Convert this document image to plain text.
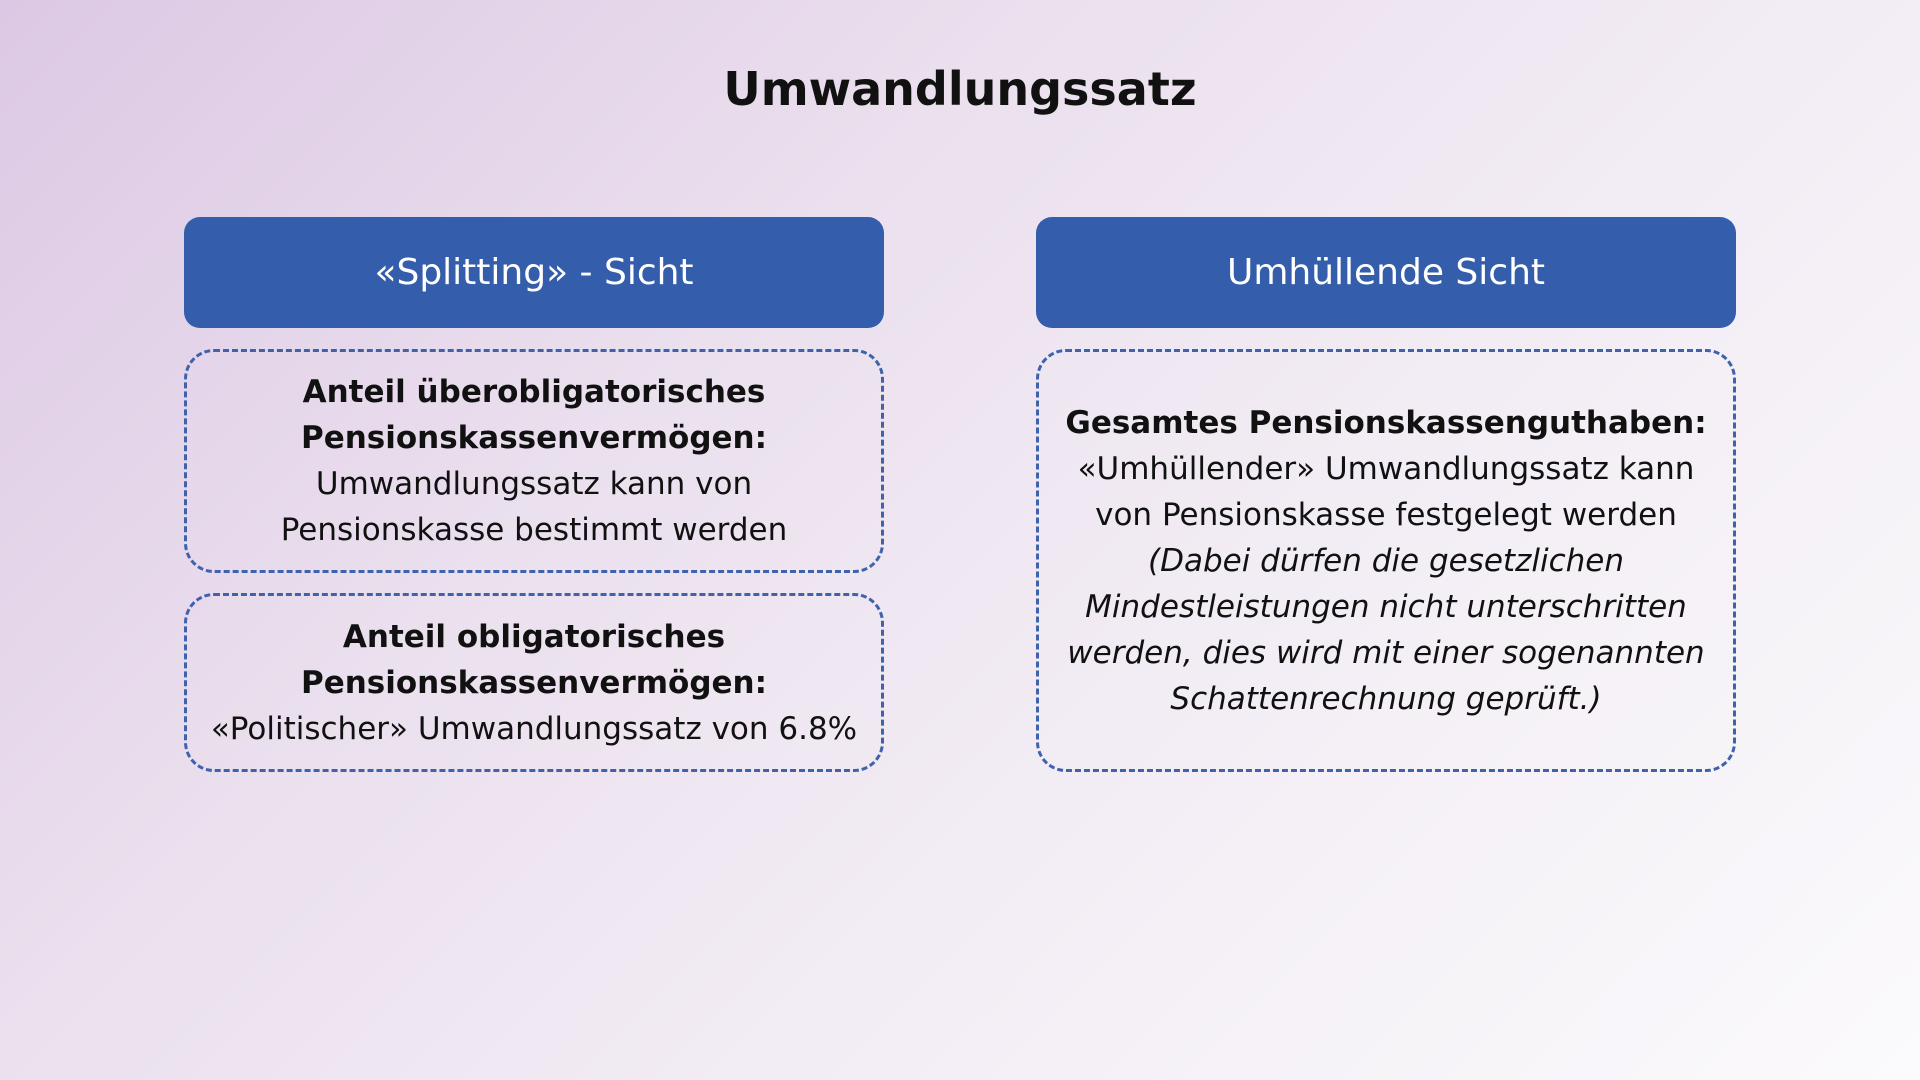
Umwandlungssatz
«Splitting» - Sicht	Umhüllende Sicht
Anteil überobligatorisches
Pensionskassenvermögen:
Umwandlungssatz kann von
Pensionskasse bestimmt werden
Anteil obligatorisches
Pensionskassenvermögen:
«Politischer» Umwandlungssatz von 6.8%
Gesamtes Pensionskassenguthaben:
«Umhüllender» Umwandlungssatz kann
von Pensionskasse festgelegt werden
(Dabei dürfen die gesetzlichen
Mindestleistungen nicht unterschritten
werden, dies wird mit einer sogenannten
Schattenrechnung geprüft.)
